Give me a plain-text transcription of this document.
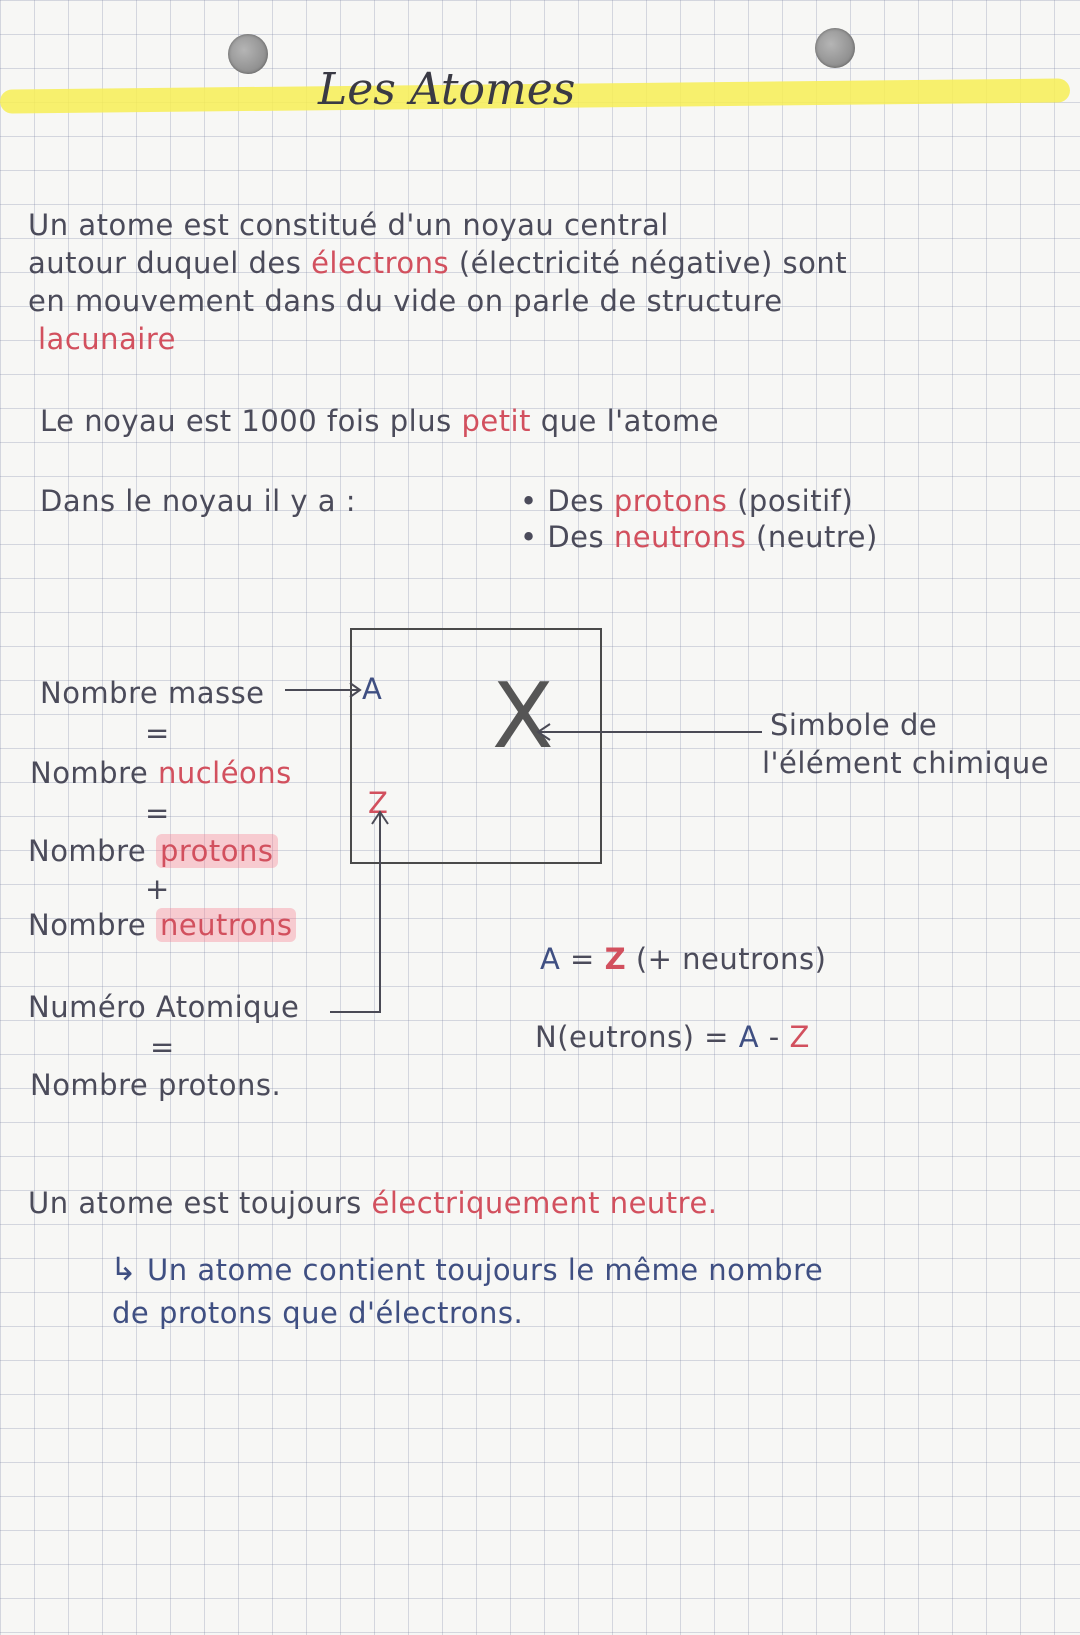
Les Atomes
Un atome est constitué d'un noyau central
autour duquel des électrons (électricité négative) sont
en mouvement dans du vide on parle de structure
lacunaire
Le noyau est 1000 fois plus petit que l'atome
Dans le noyau il y a :	• Des protons (positif)
• Des neutrons (neutre)
A
Z
X
Nombre masse
=
Nombre nucléons
=
Nombre protons
+
Nombre neutrons
Numéro Atomique
=
Nombre protons.
Simbole de
l'élément chimique
A = Z (+ neutrons)
N(eutrons) = A - Z
Un atome est toujours électriquement neutre.
↳ Un atome contient toujours le même nombre
de protons que d'électrons.
